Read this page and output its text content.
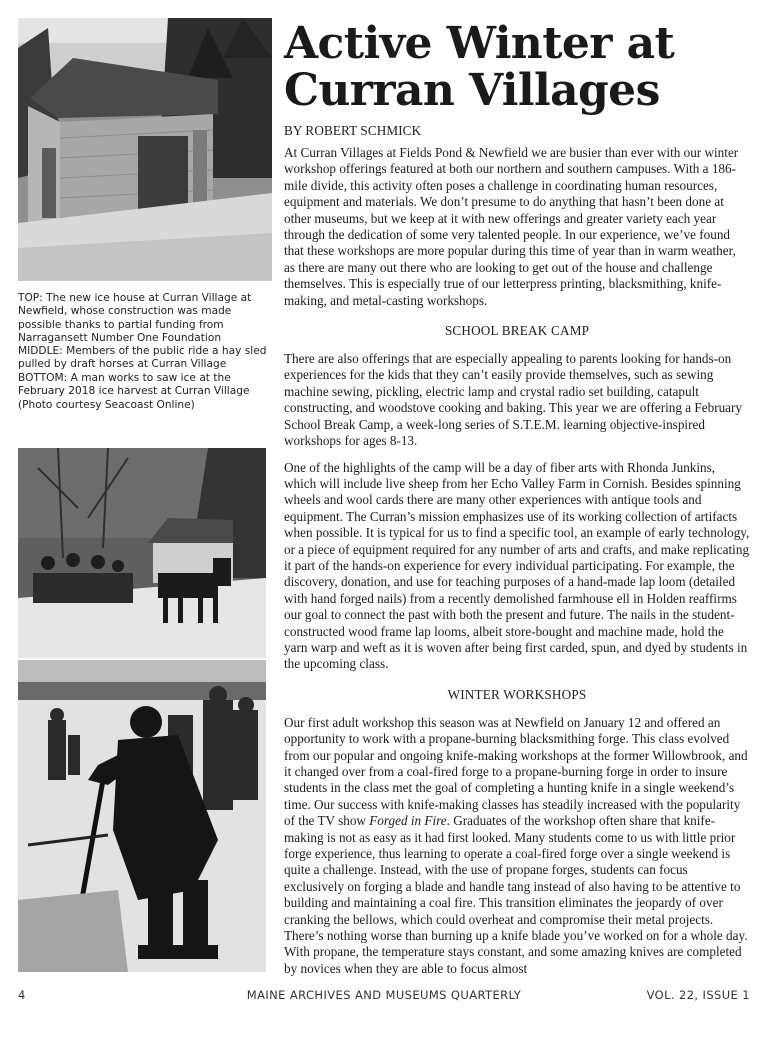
TOP: The new ice house at Curran Village at Newfield, whose construction was made possible thanks to partial funding from Narragansett Number One Foundation

MIDDLE: Members of the public ride a hay sled pulled by draft horses at Curran Village

BOTTOM: A man works to saw ice at the February 2018 ice harvest at Curran Village (Photo courtesy Seacoast Online)

Active Winter at Curran Villages

BY ROBERT SCHMICK

At Curran Villages at Fields Pond & Newfield we are busier than ever with our winter workshop offerings featured at both our northern and southern campuses. With a 186-mile divide, this activity often poses a challenge in coordinating human resources, equipment and materials. We don’t presume to do anything that hasn’t been done at other museums, but we keep at it with new offerings and greater variety each year through the dedication of some very talented people. In our experience, we’ve found that these workshops are more popular during this time of year than in warm weather, as there are many out there who are looking to get out of the house and challenge themselves. This is especially true of our letterpress printing, blacksmithing, knife-making, and metal-casting workshops.

SCHOOL BREAK CAMP

There are also offerings that are especially appealing to parents looking for hands-on experiences for the kids that they can’t easily provide themselves, such as sewing machine sewing, pickling, electric lamp and crystal radio set building, catapult constructing, and woodstove cooking and baking. This year we are offering a February School Break Camp, a week-long series of S.T.E.M. learning objective-inspired workshops for ages 8-13.

One of the highlights of the camp will be a day of fiber arts with Rhonda Junkins, which will include live sheep from her Echo Valley Farm in Cornish. Besides spinning wheels and wool cards there are many other experiences with antique tools and equipment. The Curran’s mission emphasizes use of its working collection of artifacts when possible. It is typical for us to find a specific tool, an example of early technology, or a piece of equipment required for any number of arts and crafts, and make replicating it part of the hands-on experience for every individual participating. For example, the discovery, donation, and use for teaching purposes of a hand-made lap loom (detailed with hand forged nails) from a recently demolished farmhouse ell in Holden reaffirms our goal to connect the past with both the present and future. The nails in the student-constructed wood frame lap looms, albeit store-bought and machine made, hold the yarn warp and weft as it is woven after being first carded, spun, and dyed by students in the upcoming class.

WINTER WORKSHOPS

Our first adult workshop this season was at Newfield on January 12 and offered an opportunity to work with a propane-burning blacksmithing forge. This class evolved from our popular and ongoing knife-making workshops at the former Willowbrook, and it changed over from a coal-fired forge to a propane-burning forge in order to insure students in the class met the goal of completing a hunting knife in a single weekend’s time. Our success with knife-making classes has steadily increased with the popularity of the TV show Forged in Fire. Graduates of the workshop often share that knife-making is not as easy as it had first looked. Many students come to us with little prior forge experience, thus learning to operate a coal-fired forge over a single weekend is quite a challenge. Instead, with the use of propane forges, students can focus exclusively on forging a blade and handle tang instead of also having to be attentive to building and maintaining a coal fire. This transition eliminates the jeopardy of over cranking the bellows, which could overheat and compromise their metal projects. There’s nothing worse than burning up a knife blade you’ve worked on for a whole day. With propane, the temperature stays constant, and some amazing knives are completed by novices when they are able to focus almost

4	MAINE ARCHIVES AND MUSEUMS QUARTERLY	VOL. 22, ISSUE 1
